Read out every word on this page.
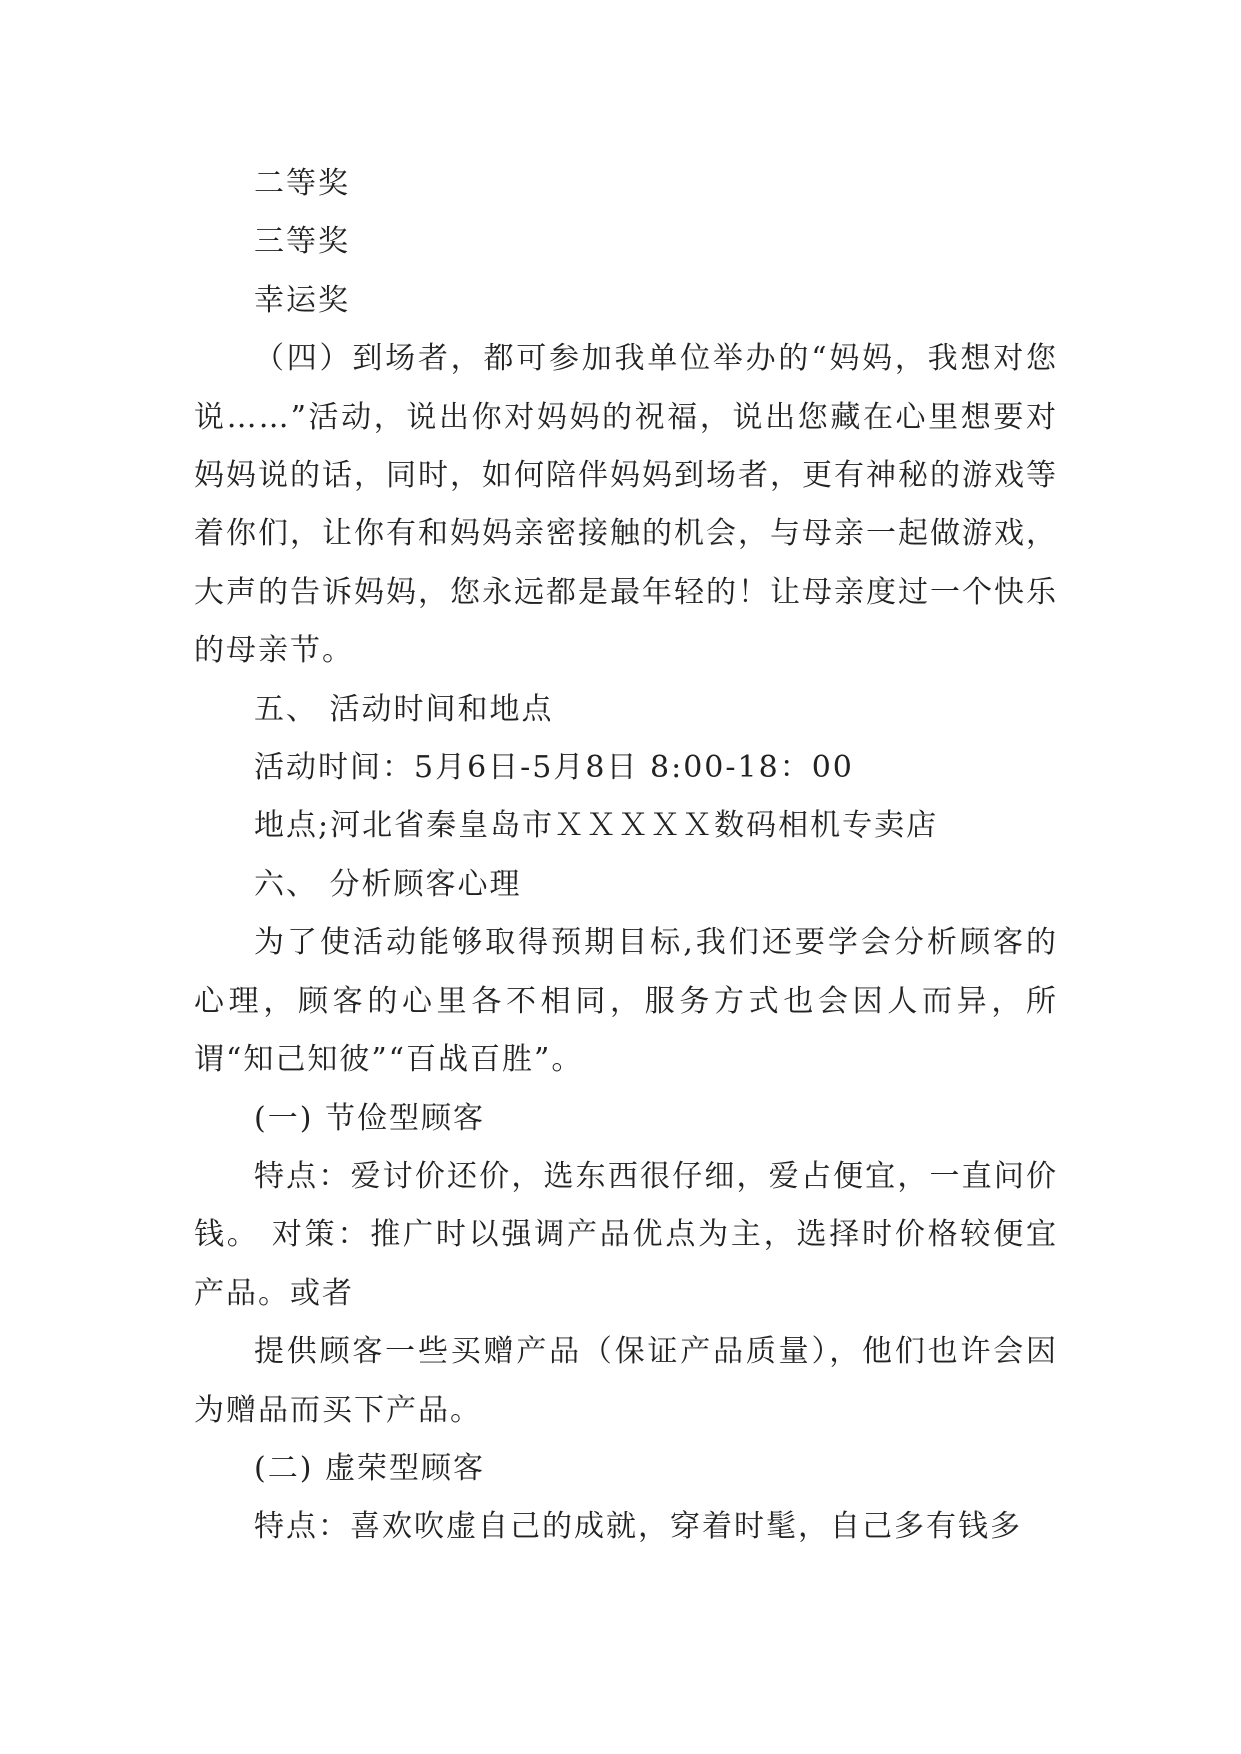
二等奖

三等奖

幸运奖

（四）到场者，都可参加我单位举办的“妈妈，我想对您说……”活动，说出你对妈妈的祝福，说出您藏在心里想要对妈妈说的话，同时，如何陪伴妈妈到场者，更有神秘的游戏等着你们，让你有和妈妈亲密接触的机会，与母亲一起做游戏，大声的告诉妈妈，您永远都是最年轻的！让母亲度过一个快乐的母亲节。

五、 活动时间和地点

活动时间：5月6日-5月8日 8:00-18：00

地点;河北省秦皇岛市ＸＸＸＸＸ数码相机专卖店

六、 分析顾客心理

为了使活动能够取得预期目标,我们还要学会分析顾客的心理，顾客的心里各不相同，服务方式也会因人而异，所谓“知己知彼”“百战百胜”。

(一) 节俭型顾客

特点：爱讨价还价，选东西很仔细，爱占便宜，一直问价钱。 对策：推广时以强调产品优点为主，选择时价格较便宜产品。或者

提供顾客一些买赠产品（保证产品质量），他们也许会因为赠品而买下产品。

(二) 虚荣型顾客

特点：喜欢吹虚自己的成就，穿着时髦，自己多有钱多
